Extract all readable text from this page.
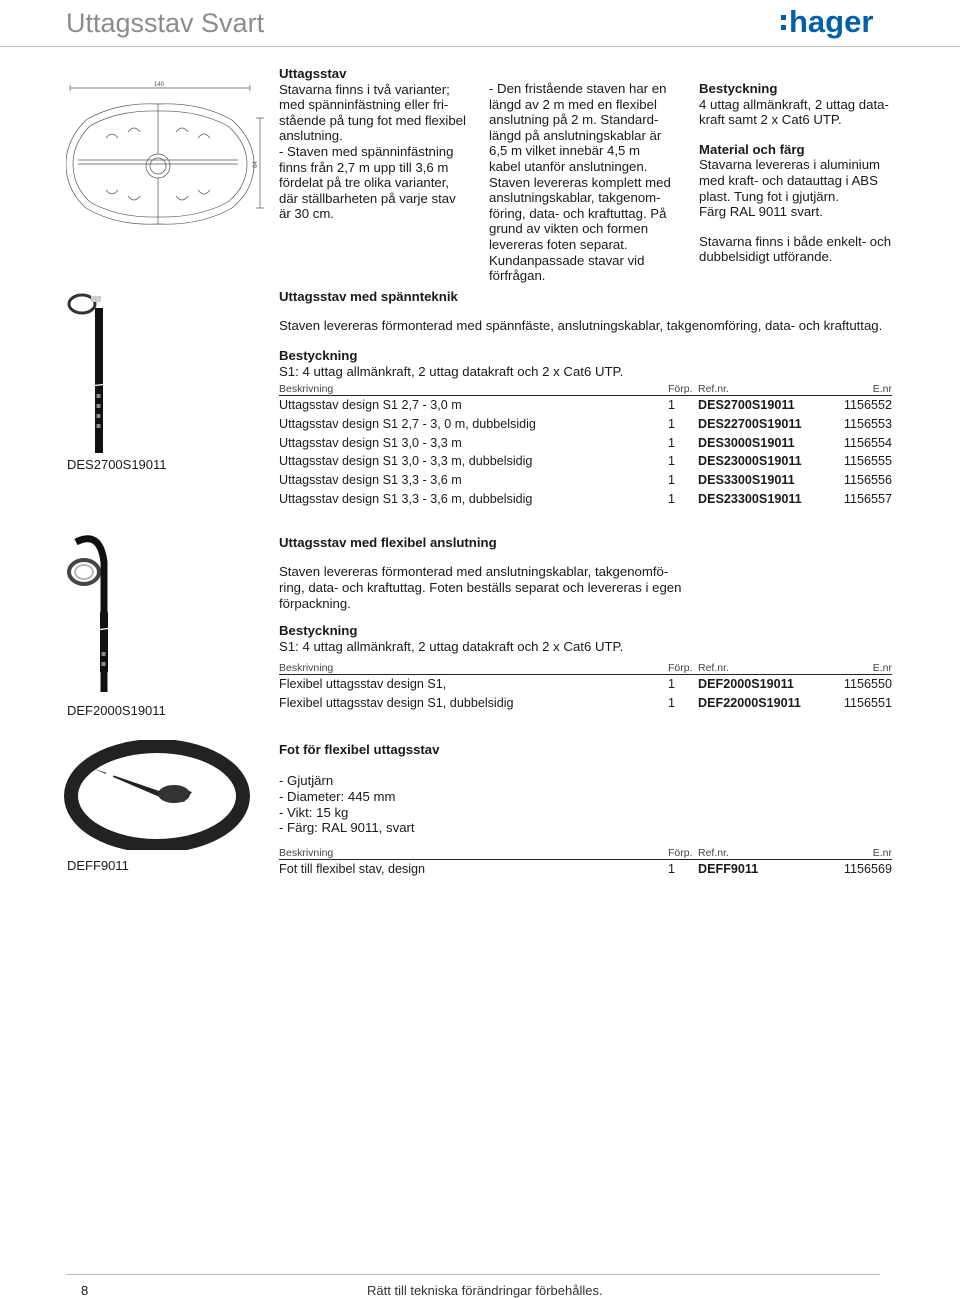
Uttagsstav Svart	hager
140
64

Uttagsstav

Stavarna finns i två varianter;

med spänninfästning eller fri-

stående på tung fot med flexibel

anslutning.

- Staven med spänninfästning

finns från 2,7 m upp till 3,6 m

fördelat på tre olika varianter,

där ställbarheten på varje stav

är 30 cm.

- Den fristående staven har en

längd av 2 m med en flexibel

anslutning på 2 m. Standard-

längd på anslutningskablar är

6,5 m vilket innebär 4,5 m

kabel utanför anslutningen.

Staven levereras komplett med

anslutningskablar, takgenom-

föring, data- och kraftuttag. På

grund av vikten och formen

levereras foten separat.

Kundanpassade stavar vid

förfrågan.

Bestyckning

4 uttag allmänkraft, 2 uttag data-

kraft samt 2 x Cat6 UTP.

Material och färg

Stavarna levereras i aluminium

med kraft- och datauttag i ABS

plast. Tung fot i gjutjärn.

Färg RAL 9011 svart.

Stavarna finns i både enkelt- och

dubbelsidigt utförande.

DES2700S19011
Uttagsstav med spännteknik
Staven levereras förmonterad med spännfäste, anslutningskablar, takgenomföring, data- och kraftuttag.
Bestyckning
S1: 4 uttag allmänkraft, 2 uttag datakraft och 2 x Cat6 UTP.
Beskrivning	Förp.	Ref.nr.	E.nr
Uttagsstav design S1 2,7 - 3,0 m	1	DES2700S19011	1156552
Uttagsstav design S1 2,7 - 3, 0 m, dubbelsidig	1	DES22700S19011	1156553
Uttagsstav design S1 3,0 - 3,3 m	1	DES3000S19011	1156554
Uttagsstav design S1 3,0 - 3,3 m, dubbelsidig	1	DES23000S19011	1156555
Uttagsstav design S1 3,3 - 3,6 m	1	DES3300S19011	1156556
Uttagsstav design S1 3,3 - 3,6 m, dubbelsidig	1	DES23300S19011	1156557
DEF2000S19011
Uttagsstav med flexibel anslutning
Staven levereras förmonterad med anslutningskablar, takgenomfö-
ring, data- och kraftuttag. Foten beställs separat och levereras i egen
förpackning.
Bestyckning
S1: 4 uttag allmänkraft, 2 uttag datakraft och 2 x Cat6 UTP.
Beskrivning	Förp.	Ref.nr.	E.nr
Flexibel uttagsstav design S1,	1	DEF2000S19011	1156550
Flexibel uttagsstav design S1, dubbelsidig	1	DEF22000S19011	1156551
DEFF9011
Fot för flexibel uttagsstav
- Gjutjärn
- Diameter: 445 mm
- Vikt: 15 kg
- Färg: RAL 9011, svart
Beskrivning	Förp.	Ref.nr.	E.nr
Fot till flexibel stav, design	1	DEFF9011	1156569
8	Rätt till tekniska förändringar förbehålles.
